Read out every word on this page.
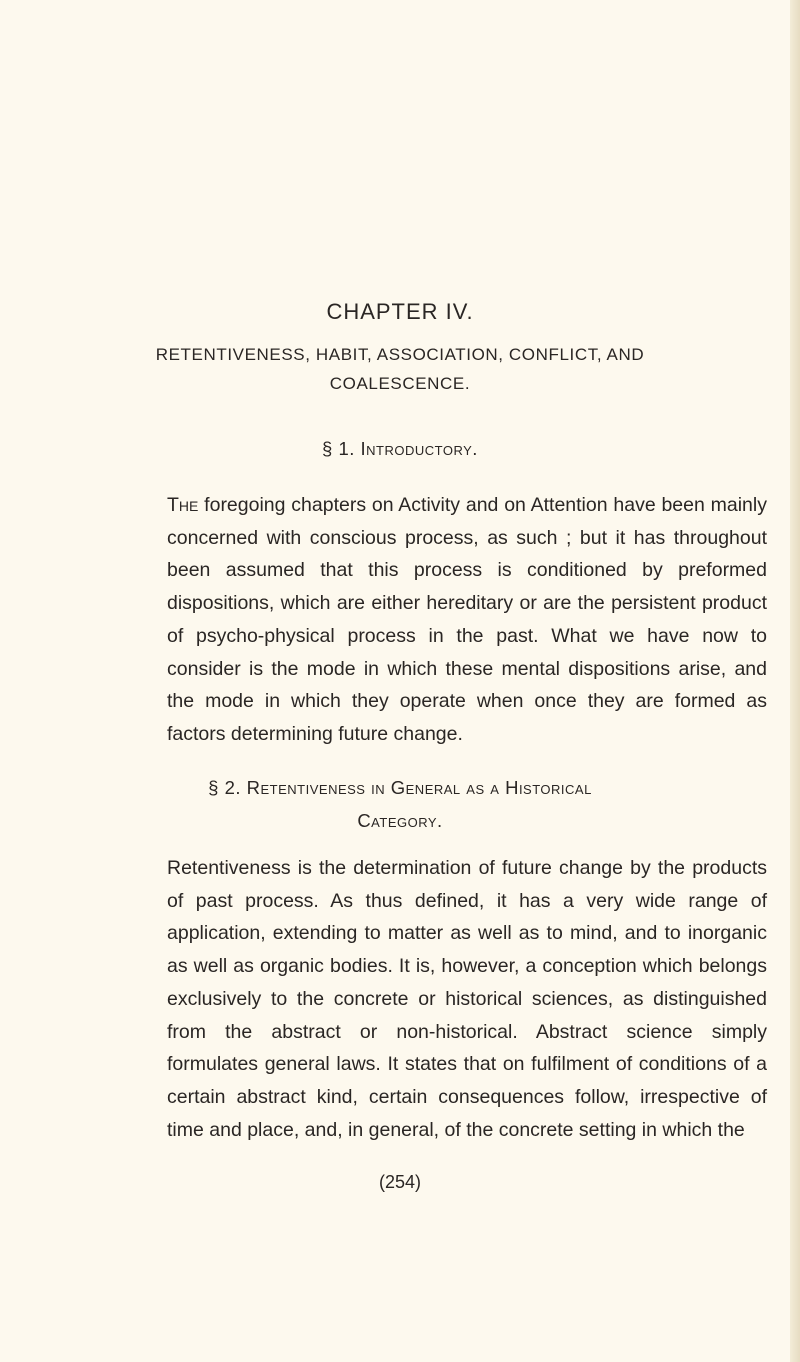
CHAPTER IV.
RETENTIVENESS, HABIT, ASSOCIATION, CONFLICT, AND
COALESCENCE.
§ 1. Introductory.

The foregoing chapters on Activity and on Attention have been mainly concerned with conscious process, as such ; but it has throughout been assumed that this process is conditioned by preformed dispositions, which are either hereditary or are the persistent product of psycho-physical process in the past. What we have now to consider is the mode in which these mental dispositions arise, and the mode in which they operate when once they are formed as factors determining future change.

§ 2. Retentiveness in General as a Historical
Category.

Retentiveness is the determination of future change by the products of past process. As thus defined, it has a very wide range of application, extending to matter as well as to mind, and to inorganic as well as organic bodies. It is, however, a conception which belongs exclusively to the concrete or historical sciences, as distinguished from the abstract or non-historical. Abstract science simply formulates general laws. It states that on fulfilment of conditions of a certain abstract kind, certain consequences follow, irrespective of time and place, and, in general, of the concrete setting in which the

(254)
